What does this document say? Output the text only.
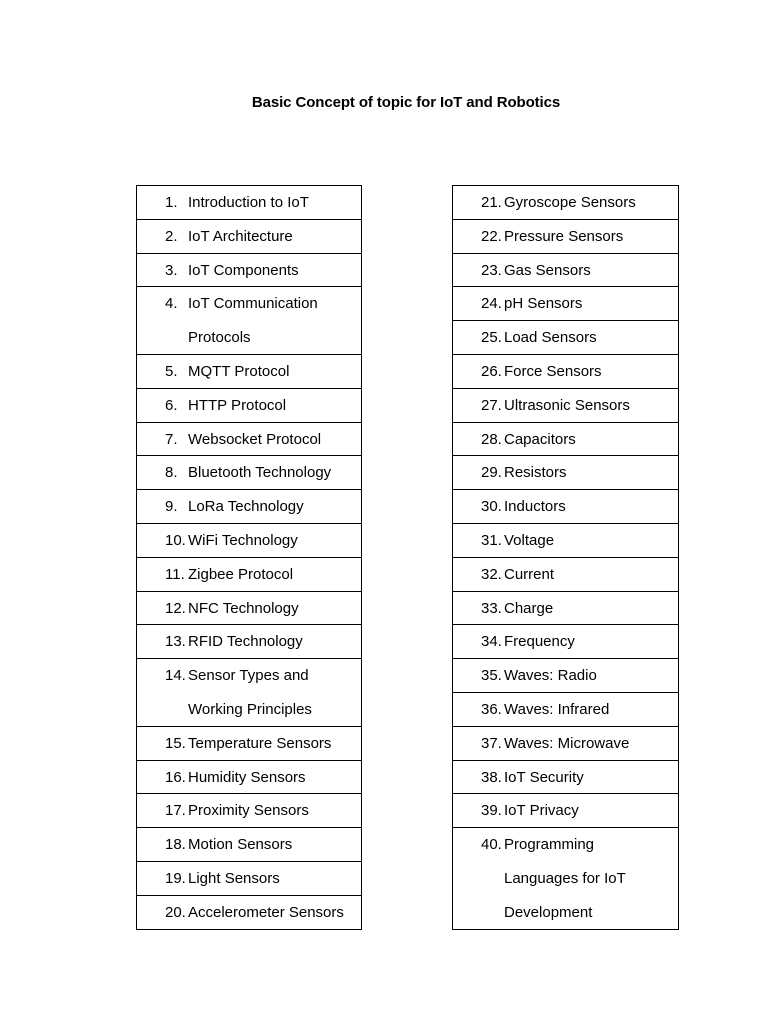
Basic Concept of topic for IoT and Robotics
1. Introduction to IoT
2. IoT Architecture
3. IoT Components
4. IoT Communication Protocols
5. MQTT Protocol
6. HTTP Protocol
7. Websocket Protocol
8. Bluetooth Technology
9. LoRa Technology
10. WiFi Technology
11. Zigbee Protocol
12. NFC Technology
13. RFID Technology
14. Sensor Types and Working Principles
15. Temperature Sensors
16. Humidity Sensors
17. Proximity Sensors
18. Motion Sensors
19. Light Sensors
20. Accelerometer Sensors
21. Gyroscope Sensors
22. Pressure Sensors
23. Gas Sensors
24. pH Sensors
25. Load Sensors
26. Force Sensors
27. Ultrasonic Sensors
28. Capacitors
29. Resistors
30. Inductors
31. Voltage
32. Current
33. Charge
34. Frequency
35. Waves: Radio
36. Waves: Infrared
37. Waves: Microwave
38. IoT Security
39. IoT Privacy
40. Programming Languages for IoT Development
